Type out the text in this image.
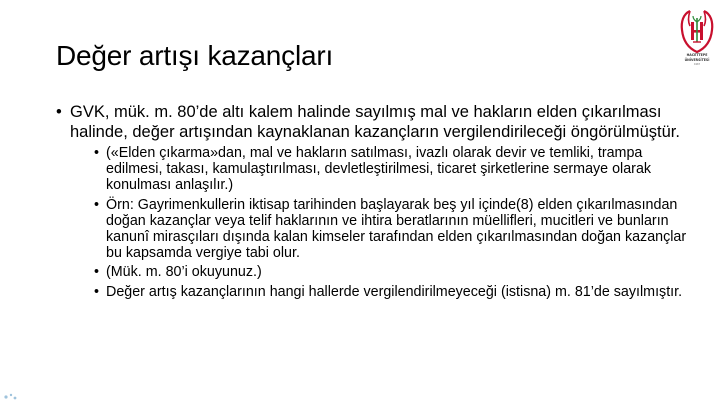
Değer artışı kazançları	HACETTEPE
ÜNİVERSİTESİ
1967
• GVK, mük. m. 80’de altı kalem halinde sayılmış mal ve hakların elden çıkarılması halinde, değer artışından kaynaklanan kazançların vergilendirileceği öngörülmüştür.
• («Elden çıkarma»dan, mal ve hakların satılması, ivazlı olarak devir ve temliki, trampa edilmesi, takası, kamulaştırılması, devletleştirilmesi, ticaret şirketlerine sermaye olarak konulması anlaşılır.)
• Örn: Gayrimenkullerin iktisap tarihinden başlayarak beş yıl içinde(8) elden çıkarılmasından doğan kazançlar veya telif haklarının ve ihtira beratlarının müellifleri, mucitleri ve bunların kanunî mirasçıları dışında kalan kimseler tarafından elden çıkarılmasından doğan kazançlar bu kapsamda vergiye tabi olur.
• (Mük. m. 80’i okuyunuz.)
• Değer artış kazançlarının hangi hallerde vergilendirilmeyeceği (istisna) m. 81’de sayılmıştır.
